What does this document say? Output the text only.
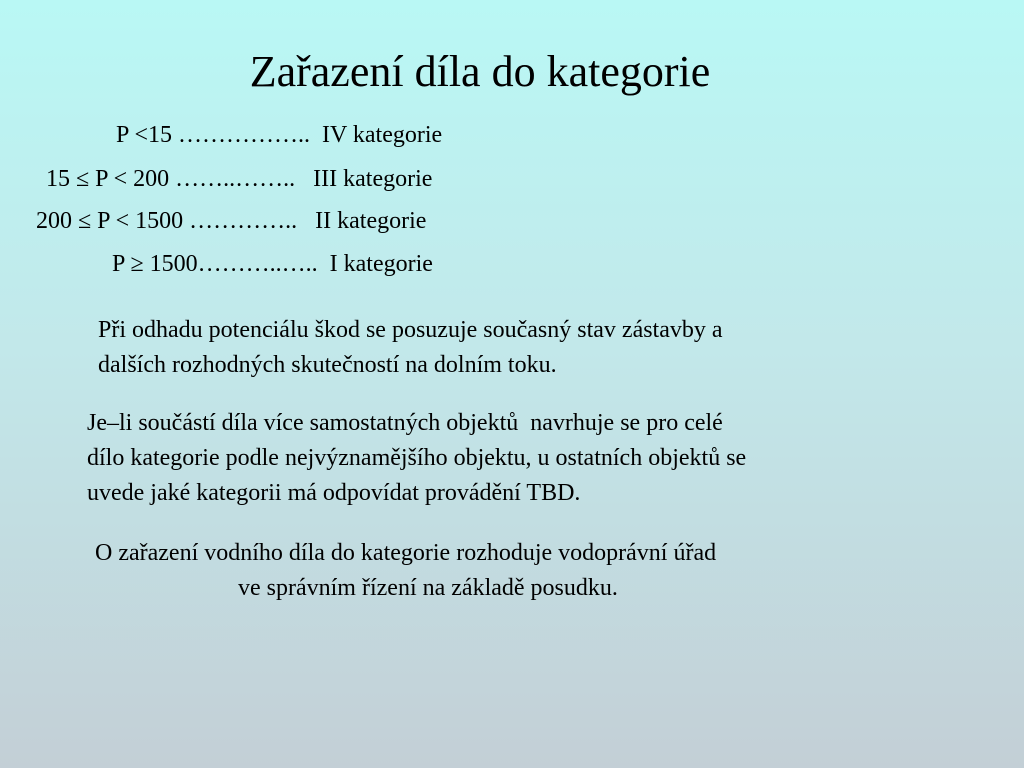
Zařazení díla do kategorie
P <15 ……………..  IV kategorie
15 ≤ P < 200 ……..……..   III kategorie
200 ≤ P < 1500 …………..   II kategorie
P ≥ 1500………..…..  I kategorie
Při odhadu potenciálu škod se posuzuje současný stav zástavby a
dalších rozhodných skutečností na dolním toku.
Je–li součástí díla více samostatných objektů  navrhuje se pro celé
dílo kategorie podle nejvýznamějšího objektu, u ostatních objektů se
uvede jaké kategorii má odpovídat provádění TBD.
O zařazení vodního díla do kategorie rozhoduje vodoprávní úřad
ve správním řízení na základě posudku.
